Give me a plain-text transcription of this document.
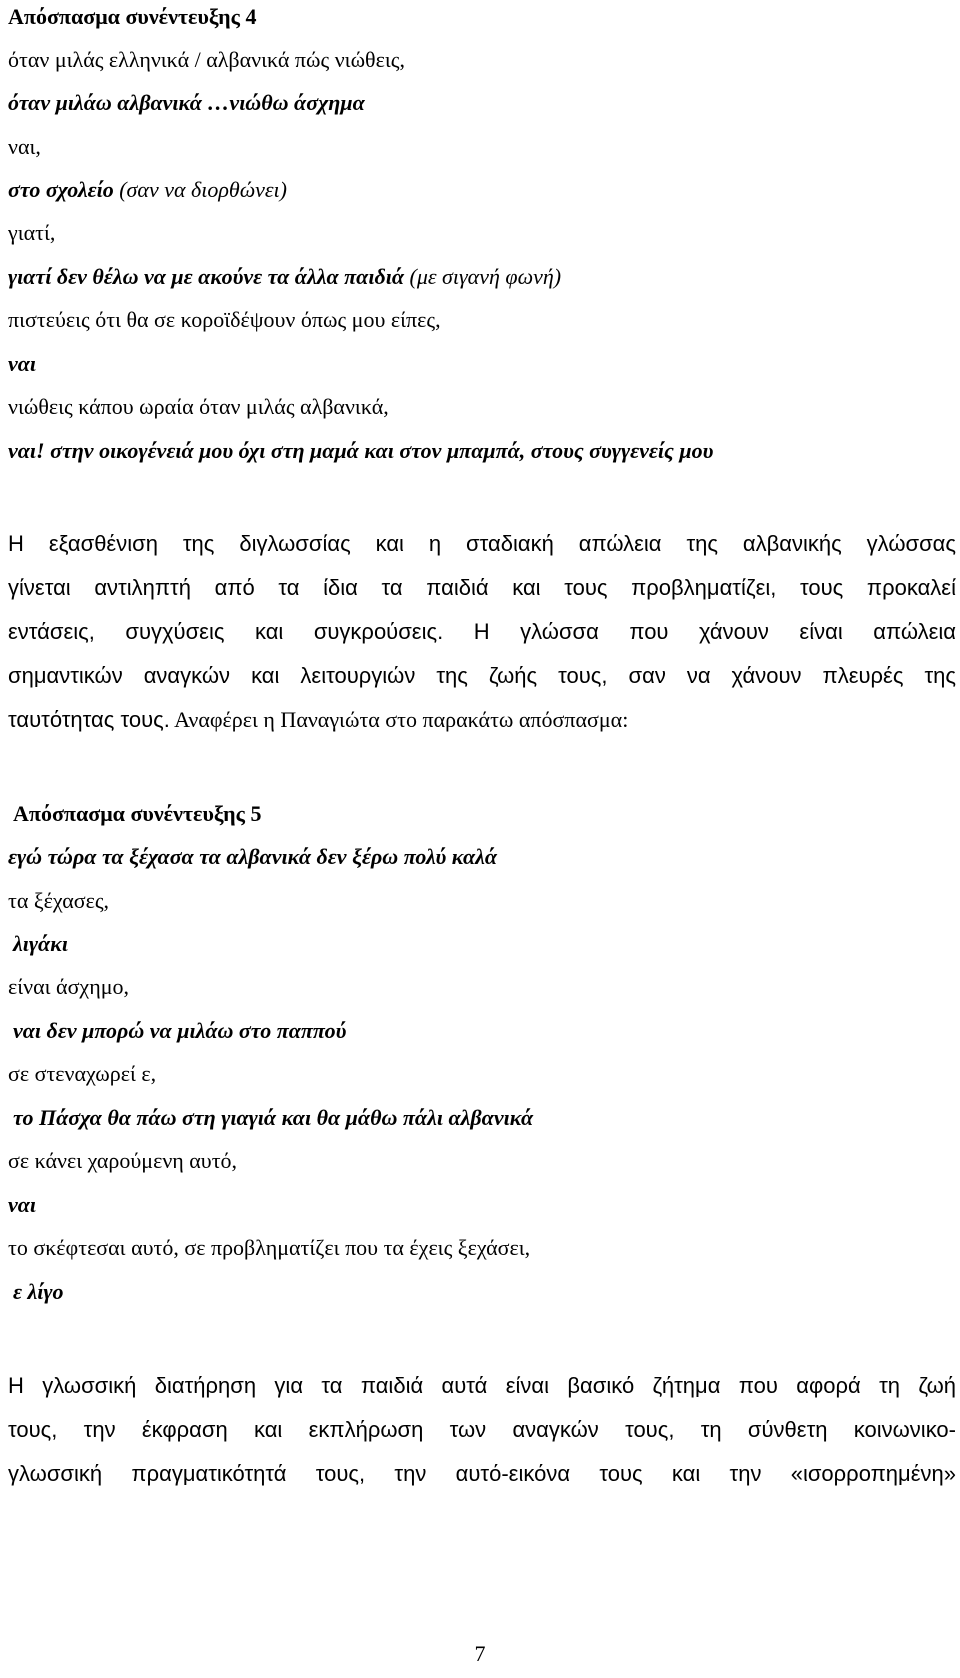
Απόσπασμα συνέντευξης 4
όταν μιλάς ελληνικά / αλβανικά πώς νιώθεις,
όταν μιλάω αλβανικά …νιώθω άσχημα
ναι,
στο σχολείο (σαν να διορθώνει)
γιατί,
γιατί δεν θέλω να με ακούνε τα άλλα παιδιά (με σιγανή φωνή)
πιστεύεις ότι θα σε κοροϊδέψουν όπως μου είπες,
ναι
νιώθεις κάπου ωραία όταν μιλάς αλβανικά,
ναι! στην οικογένειά μου όχι στη μαμά και στον μπαμπά, στους συγγενείς μου
Η εξασθένιση της διγλωσσίας και η σταδιακή απώλεια της αλβανικής γλώσσας
γίνεται αντιληπτή από τα ίδια τα παιδιά και τους προβληματίζει, τους προκαλεί
εντάσεις, συγχύσεις και συγκρούσεις. Η γλώσσα που χάνουν είναι απώλεια
σημαντικών αναγκών και λειτουργιών της ζωής τους, σαν να χάνουν πλευρές της
ταυτότητας τους. Αναφέρει η Παναγιώτα στο παρακάτω απόσπασμα:
Απόσπασμα συνέντευξης 5
εγώ τώρα τα ξέχασα τα αλβανικά δεν ξέρω πολύ καλά
τα ξέχασες,
λιγάκι
είναι άσχημο,
ναι δεν μπορώ να μιλάω στο παππού
σε στεναχωρεί ε,
το Πάσχα θα πάω στη γιαγιά και θα μάθω πάλι αλβανικά
σε κάνει χαρούμενη αυτό,
ναι
το σκέφτεσαι αυτό, σε προβληματίζει που τα έχεις ξεχάσει,
ε λίγο
Η γλωσσική διατήρηση για τα παιδιά αυτά είναι βασικό ζήτημα που αφορά τη ζωή
τους, την έκφραση και εκπλήρωση των αναγκών τους, τη σύνθετη κοινωνικο-
γλωσσική πραγματικότητά τους, την αυτό-εικόνα τους και την «ισορροπημένη»
7
